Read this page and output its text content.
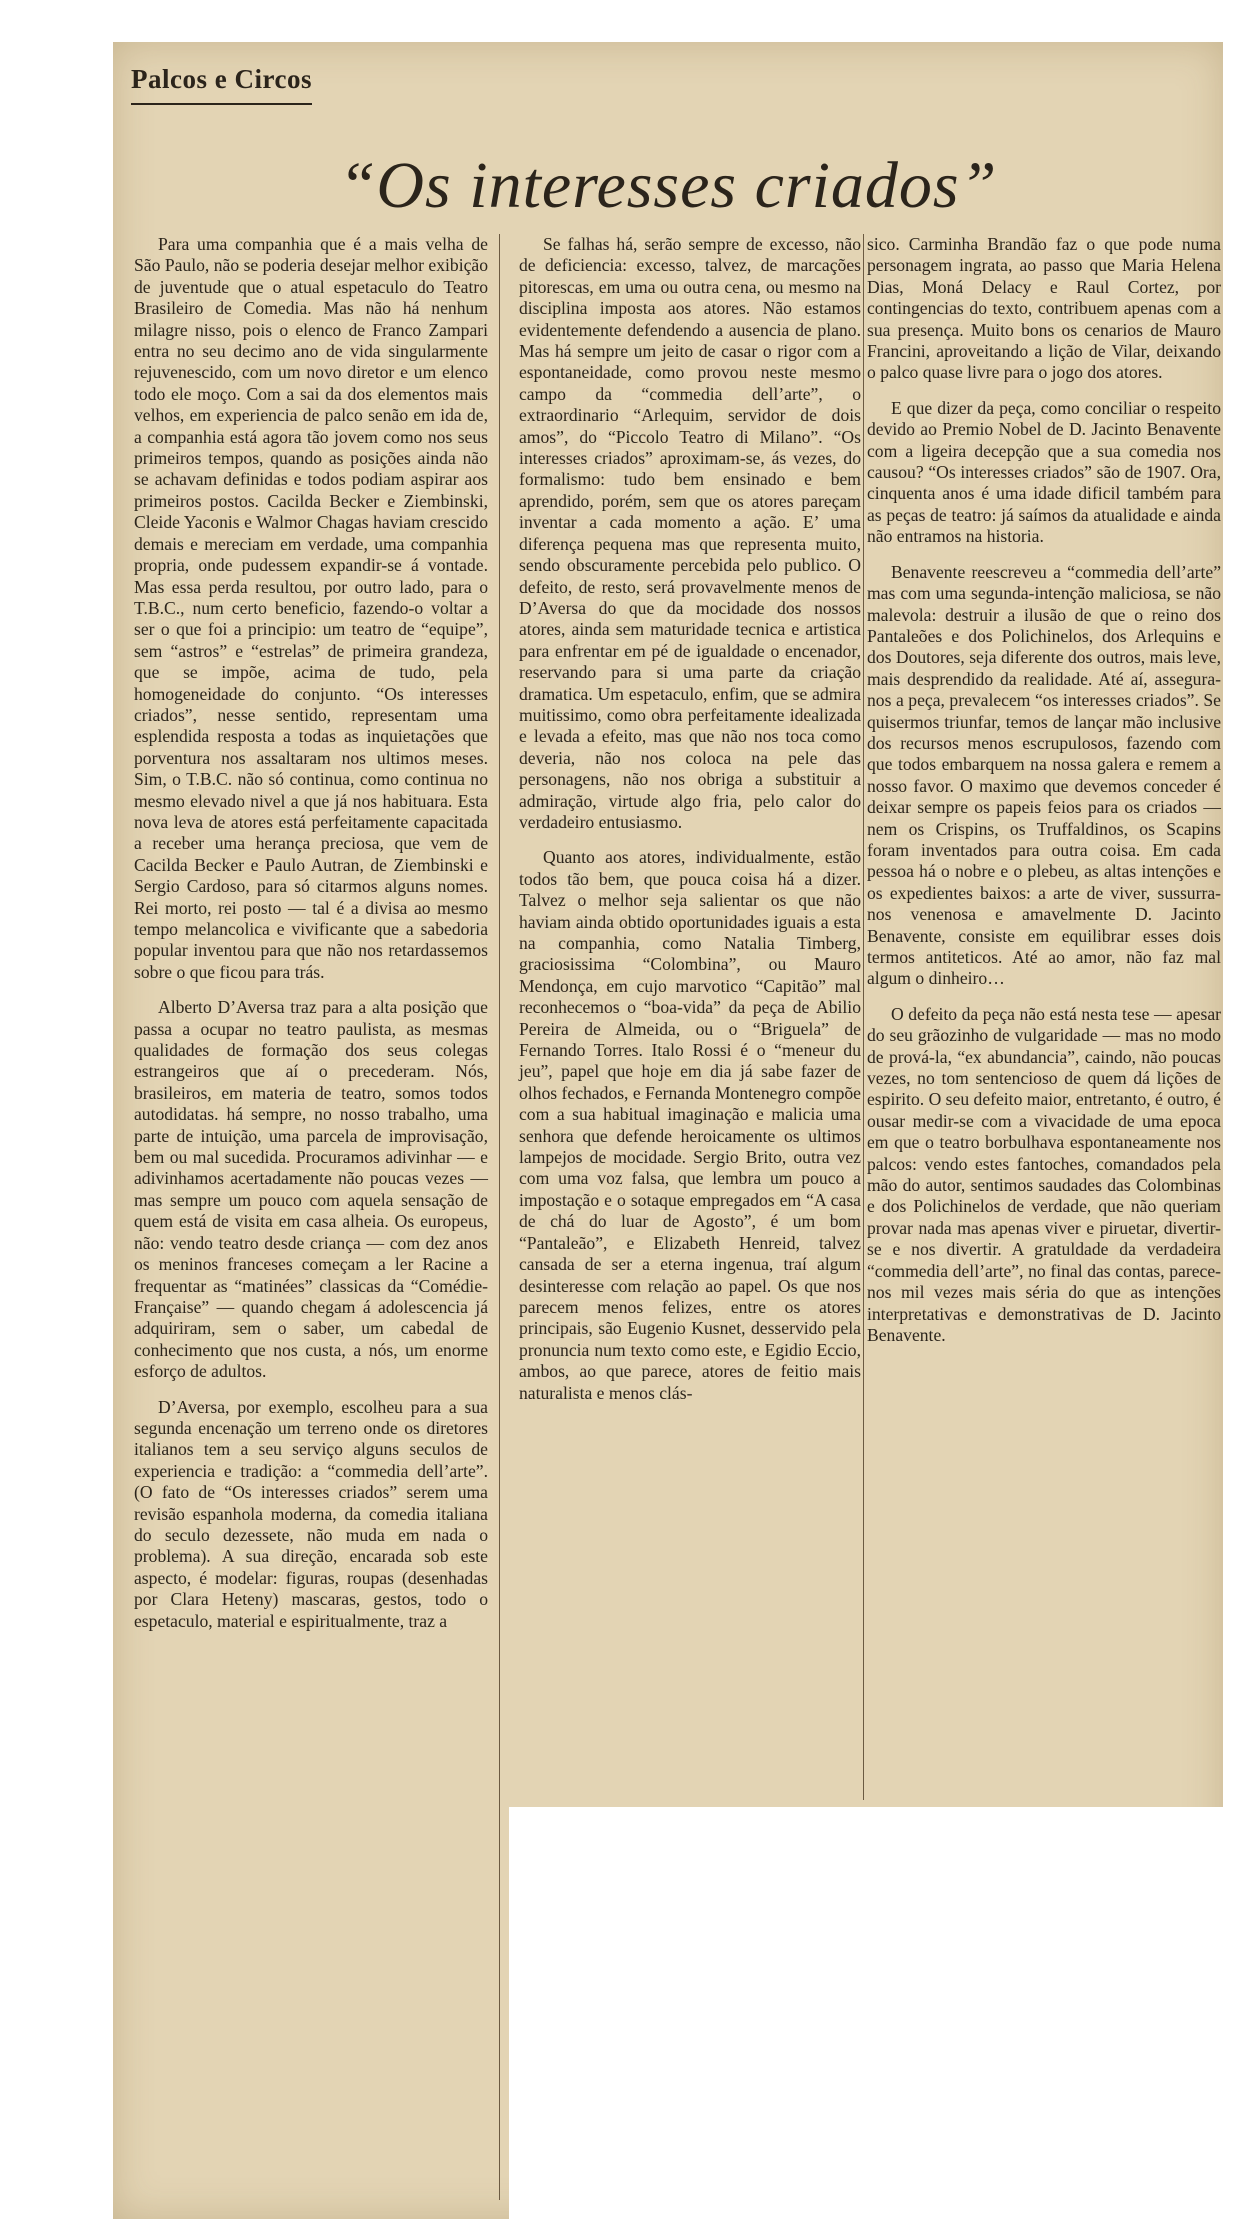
Palcos e Circos
“Os interesses criados”

Para uma companhia que é a mais velha de São Paulo, não se poderia desejar melhor exibição de juventude que o atual espetaculo do Teatro Brasileiro de Comedia. Mas não há nenhum milagre nisso, pois o elenco de Franco Zampari entra no seu decimo ano de vida singularmente rejuvenescido, com um novo diretor e um elenco todo ele moço. Com a sai da dos elementos mais velhos, em experiencia de palco senão em ida de, a companhia está agora tão jovem como nos seus primeiros tempos, quando as posições ainda não se achavam definidas e todos podiam aspirar aos primeiros postos. Cacilda Becker e Ziembinski, Cleide Yaconis e Walmor Chagas haviam crescido demais e mereciam em verdade, uma companhia propria, onde pudessem expandir-se á vontade. Mas essa perda resultou, por outro lado, para o T.B.C., num certo beneficio, fazendo-o voltar a ser o que foi a principio: um teatro de “equipe”, sem “astros” e “estrelas” de primeira grandeza, que se impõe, acima de tudo, pela homogeneidade do conjunto. “Os interesses criados”, nesse sentido, representam uma esplendida resposta a todas as inquietações que porventura nos assaltaram nos ultimos meses. Sim, o T.B.C. não só continua, como continua no mesmo elevado nivel a que já nos habituara. Esta nova leva de atores está perfeitamente capacitada a receber uma herança preciosa, que vem de Cacilda Becker e Paulo Autran, de Ziembinski e Sergio Cardoso, para só citarmos alguns nomes. Rei morto, rei posto — tal é a divisa ao mesmo tempo melancolica e vivificante que a sabedoria popular inventou para que não nos retardassemos sobre o que ficou para trás.

Alberto D’Aversa traz para a alta posição que passa a ocupar no teatro paulista, as mesmas qualidades de formação dos seus colegas estrangeiros que aí o precederam. Nós, brasileiros, em materia de teatro, somos todos autodidatas. há sempre, no nosso trabalho, uma parte de intuição, uma parcela de improvisação, bem ou mal sucedida. Procuramos adivinhar — e adivinhamos acertadamente não poucas vezes — mas sempre um pouco com aquela sensação de quem está de visita em casa alheia. Os europeus, não: vendo teatro desde criança — com dez anos os meninos franceses começam a ler Racine a frequentar as “matinées” classicas da “Comédie-Française” — quando chegam á adolescencia já adquiriram, sem o saber, um cabedal de conhecimento que nos custa, a nós, um enorme esforço de adultos.

D’Aversa, por exemplo, escolheu para a sua segunda encenação um terreno onde os diretores italianos tem a seu serviço alguns seculos de experiencia e tradição: a “commedia dell’arte”. (O fato de “Os interesses criados” serem uma revisão espanhola moderna, da comedia italiana do seculo dezessete, não muda em nada o problema). A sua direção, encarada sob este aspecto, é modelar: figuras, roupas (desenhadas por Clara Heteny) mascaras, gestos, todo o espetaculo, material e espiritualmente, traz a

Se falhas há, serão sempre de excesso, não de deficiencia: excesso, talvez, de marcações pitorescas, em uma ou outra cena, ou mesmo na disciplina imposta aos atores. Não estamos evidentemente defendendo a ausencia de plano. Mas há sempre um jeito de casar o rigor com a espontaneidade, como provou neste mesmo campo da “commedia dell’arte”, o extraordinario “Arlequim, servidor de dois amos”, do “Piccolo Teatro di Milano”. “Os interesses criados” aproximam-se, ás vezes, do formalismo: tudo bem ensinado e bem aprendido, porém, sem que os atores pareçam inventar a cada momento a ação. E’ uma diferença pequena mas que representa muito, sendo obscuramente percebida pelo publico. O defeito, de resto, será provavelmente menos de D’Aversa do que da mocidade dos nossos atores, ainda sem maturidade tecnica e artistica para enfrentar em pé de igualdade o encenador, reservando para si uma parte da criação dramatica. Um espetaculo, enfim, que se admira muitissimo, como obra perfeitamente idealizada e levada a efeito, mas que não nos toca como deveria, não nos coloca na pele das personagens, não nos obriga a substituir a admiração, virtude algo fria, pelo calor do verdadeiro entusiasmo.

Quanto aos atores, individualmente, estão todos tão bem, que pouca coisa há a dizer. Talvez o melhor seja salientar os que não haviam ainda obtido oportunidades iguais a esta na companhia, como Natalia Timberg, graciosissima “Colombina”, ou Mauro Mendonça, em cujo marvotico “Capitão” mal reconhecemos o “boa-vida” da peça de Abilio Pereira de Almeida, ou o “Briguela” de Fernando Torres. Italo Rossi é o “meneur du jeu”, papel que hoje em dia já sabe fazer de olhos fechados, e Fernanda Montenegro compõe com a sua habitual imaginação e malicia uma senhora que defende heroicamente os ultimos lampejos de mocidade. Sergio Brito, outra vez com uma voz falsa, que lembra um pouco a impostação e o sotaque empregados em “A casa de chá do luar de Agosto”, é um bom “Pantaleão”, e Elizabeth Henreid, talvez cansada de ser a eterna ingenua, traí algum desinteresse com relação ao papel. Os que nos parecem menos felizes, entre os atores principais, são Eugenio Kusnet, desservido pela pronuncia num texto como este, e Egidio Eccio, ambos, ao que parece, atores de feitio mais naturalista e menos clás-

sico. Carminha Brandão faz o que pode numa personagem ingrata, ao passo que Maria Helena Dias, Moná Delacy e Raul Cortez, por contingencias do texto, contribuem apenas com a sua presença. Muito bons os cenarios de Mauro Francini, aproveitando a lição de Vilar, deixando o palco quase livre para o jogo dos atores.

E que dizer da peça, como conciliar o respeito devido ao Premio Nobel de D. Jacinto Benavente com a ligeira decepção que a sua comedia nos causou? “Os interesses criados” são de 1907. Ora, cinquenta anos é uma idade dificil também para as peças de teatro: já saímos da atualidade e ainda não entramos na historia.

Benavente reescreveu a “commedia dell’arte” mas com uma segunda-intenção maliciosa, se não malevola: destruir a ilusão de que o reino dos Pantaleões e dos Polichinelos, dos Arlequins e dos Doutores, seja diferente dos outros, mais leve, mais desprendido da realidade. Até aí, assegura-nos a peça, prevalecem “os interesses criados”. Se quisermos triunfar, temos de lançar mão inclusive dos recursos menos escrupulosos, fazendo com que todos embarquem na nossa galera e remem a nosso favor. O maximo que devemos conceder é deixar sempre os papeis feios para os criados — nem os Crispins, os Truffaldinos, os Scapins foram inventados para outra coisa. Em cada pessoa há o nobre e o plebeu, as altas intenções e os expedientes baixos: a arte de viver, sussurra-nos venenosa e amavelmente D. Jacinto Benavente, consiste em equilibrar esses dois termos antiteticos. Até ao amor, não faz mal algum o dinheiro…

O defeito da peça não está nesta tese — apesar do seu grãozinho de vulgaridade — mas no modo de prová-la, “ex abundancia”, caindo, não poucas vezes, no tom sentencioso de quem dá lições de espirito. O seu defeito maior, entretanto, é outro, é ousar medir-se com a vivacidade de uma epoca em que o teatro borbulhava espontaneamente nos palcos: vendo estes fantoches, comandados pela mão do autor, sentimos saudades das Colombinas e dos Polichinelos de verdade, que não queriam provar nada mas apenas viver e piruetar, divertir-se e nos divertir. A gratuldade da verdadeira “commedia dell’arte”, no final das contas, parece-nos mil vezes mais séria do que as intenções interpretativas e demonstrativas de D. Jacinto Benavente.
